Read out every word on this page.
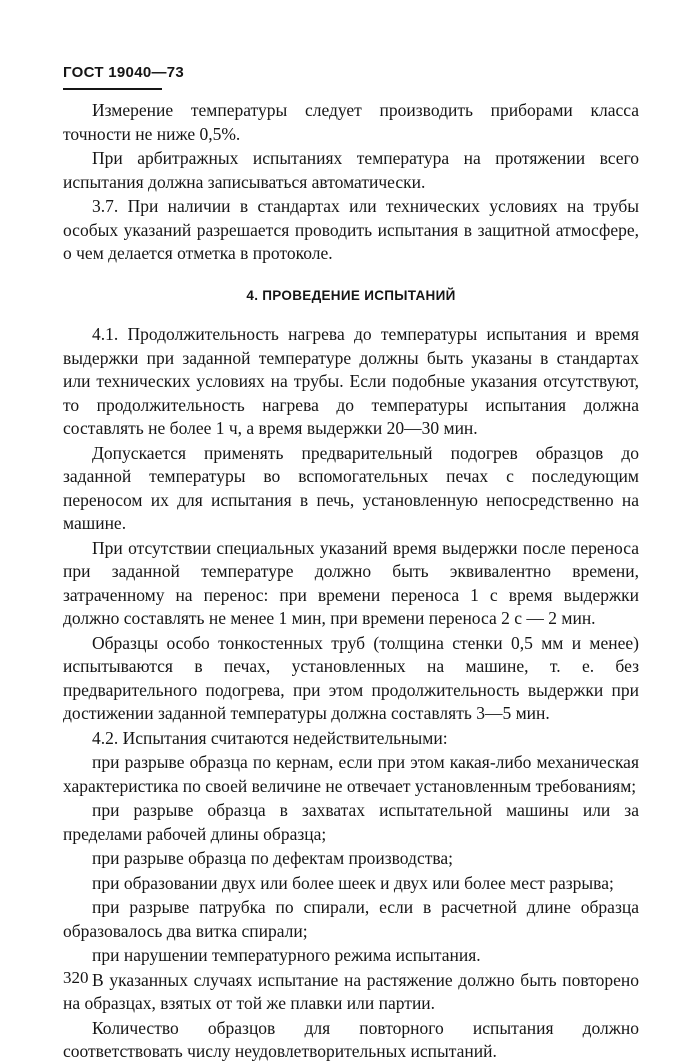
ГОСТ 19040—73

Измерение температуры следует производить приборами класса точности не ниже 0,5%.

При арбитражных испытаниях температура на протяжении всего испытания должна записываться автоматически.

3.7. При наличии в стандартах или технических условиях на трубы особых указаний разрешается проводить испытания в защитной атмосфере, о чем делается отметка в протоколе.

4. ПРОВЕДЕНИЕ ИСПЫТАНИЙ

4.1. Продолжительность нагрева до температуры испытания и время выдержки при заданной температуре должны быть указаны в стандартах или технических условиях на трубы. Если подобные указания отсутствуют, то продолжительность нагрева до температуры испытания должна составлять не более 1 ч, а время выдержки 20—30 мин.

Допускается применять предварительный подогрев образцов до заданной температуры во вспомогательных печах с последующим переносом их для испытания в печь, установленную непосредственно на машине.

При отсутствии специальных указаний время выдержки после переноса при заданной температуре должно быть эквивалентно времени, затраченному на перенос: при времени переноса 1 с время выдержки должно составлять не менее 1 мин, при времени переноса 2 с — 2 мин.

Образцы особо тонкостенных труб (толщина стенки 0,5 мм и менее) испытываются в печах, установленных на машине, т. е. без предварительного подогрева, при этом продолжительность выдержки при достижении заданной температуры должна составлять 3—5 мин.

4.2. Испытания считаются недействительными:

при разрыве образца по кернам, если при этом какая-либо механическая характеристика по своей величине не отвечает установленным требованиям;

при разрыве образца в захватах испытательной машины или за пределами рабочей длины образца;

при разрыве образца по дефектам производства;

при образовании двух или более шеек и двух или более мест разрыва;

при разрыве патрубка по спирали, если в расчетной длине образца образовалось два витка спирали;

при нарушении температурного режима испытания.

В указанных случаях испытание на растяжение должно быть повторено на образцах, взятых от той же плавки или партии.

Количество образцов для повторного испытания должно соответствовать числу неудовлетворительных испытаний.

320
